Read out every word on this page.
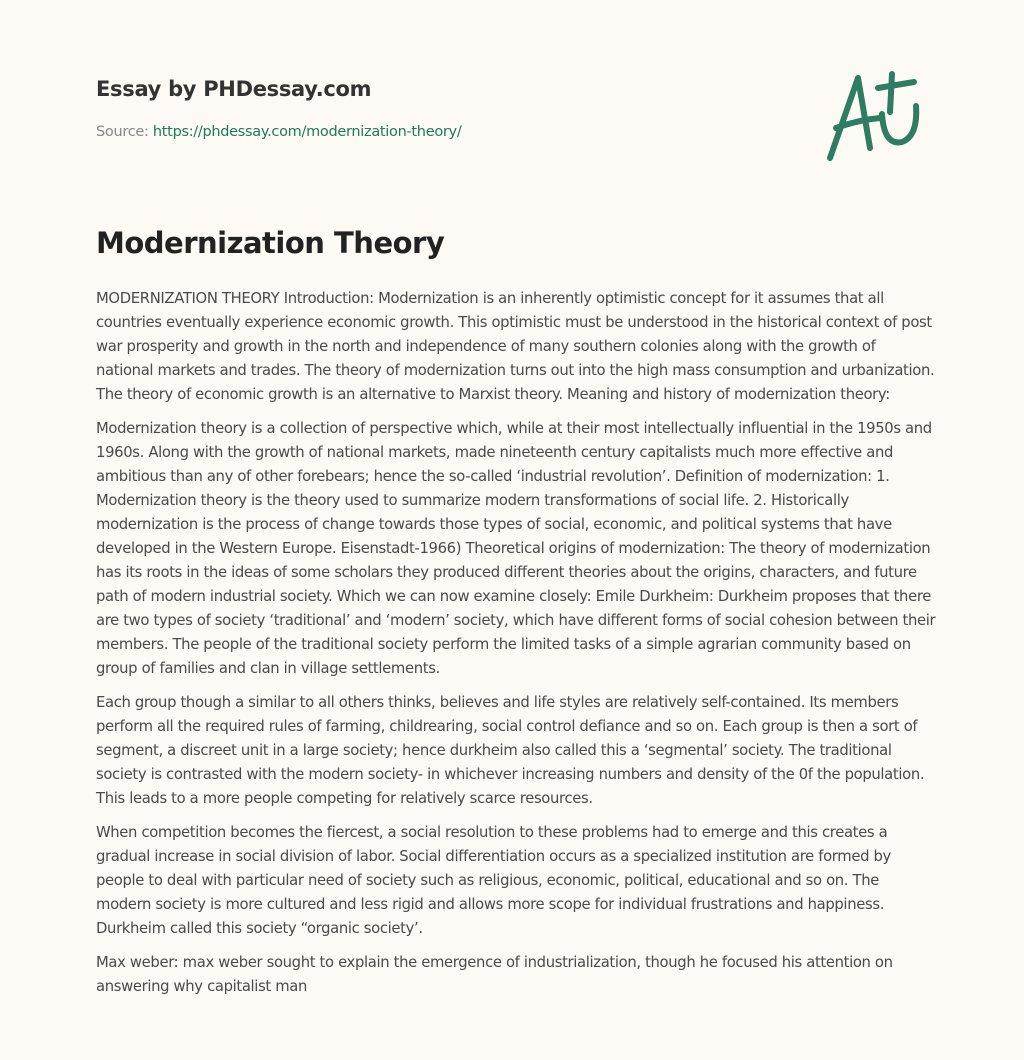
Essay by PHDessay.com
Source: https://phdessay.com/modernization-theory/
Modernization Theory

MODERNIZATION THEORY Introduction: Modernization is an inherently optimistic concept for it assumes that all countries eventually experience economic growth. This optimistic must be understood in the historical context of post war prosperity and growth in the north and independence of many southern colonies along with the growth of national markets and trades. The theory of modernization turns out into the high mass consumption and urbanization. The theory of economic growth is an alternative to Marxist theory. Meaning and history of modernization theory:

Modernization theory is a collection of perspective which, while at their most intellectually influential in the 1950s and 1960s. Along with the growth of national markets, made nineteenth century capitalists much more effective and ambitious than any of other forebears; hence the so-called ‘industrial revolution’. Definition of modernization: 1. Modernization theory is the theory used to summarize modern transformations of social life. 2. Historically modernization is the process of change towards those types of social, economic, and political systems that have developed in the Western Europe. Eisenstadt-1966) Theoretical origins of modernization: The theory of modernization has its roots in the ideas of some scholars they produced different theories about the origins, characters, and future path of modern industrial society. Which we can now examine closely: Emile Durkheim: Durkheim proposes that there are two types of society ‘traditional’ and ‘modern’ society, which have different forms of social cohesion between their members. The people of the traditional society perform the limited tasks of a simple agrarian community based on group of families and clan in village settlements.

Each group though a similar to all others thinks, believes and life styles are relatively self-contained. Its members perform all the required rules of farming, childrearing, social control defiance and so on. Each group is then a sort of segment, a discreet unit in a large society; hence durkheim also called this a ‘segmental’ society. The traditional society is contrasted with the modern society- in whichever increasing numbers and density of the 0f the population. This leads to a more people competing for relatively scarce resources.

When competition becomes the fiercest, a social resolution to these problems had to emerge and this creates a gradual increase in social division of labor. Social differentiation occurs as a specialized institution are formed by people to deal with particular need of society such as religious, economic, political, educational and so on. The modern society is more cultured and less rigid and allows more scope for individual frustrations and happiness. Durkheim called this society “organic society’.

Max weber: max weber sought to explain the emergence of industrialization, though he focused his attention on answering why capitalist man
